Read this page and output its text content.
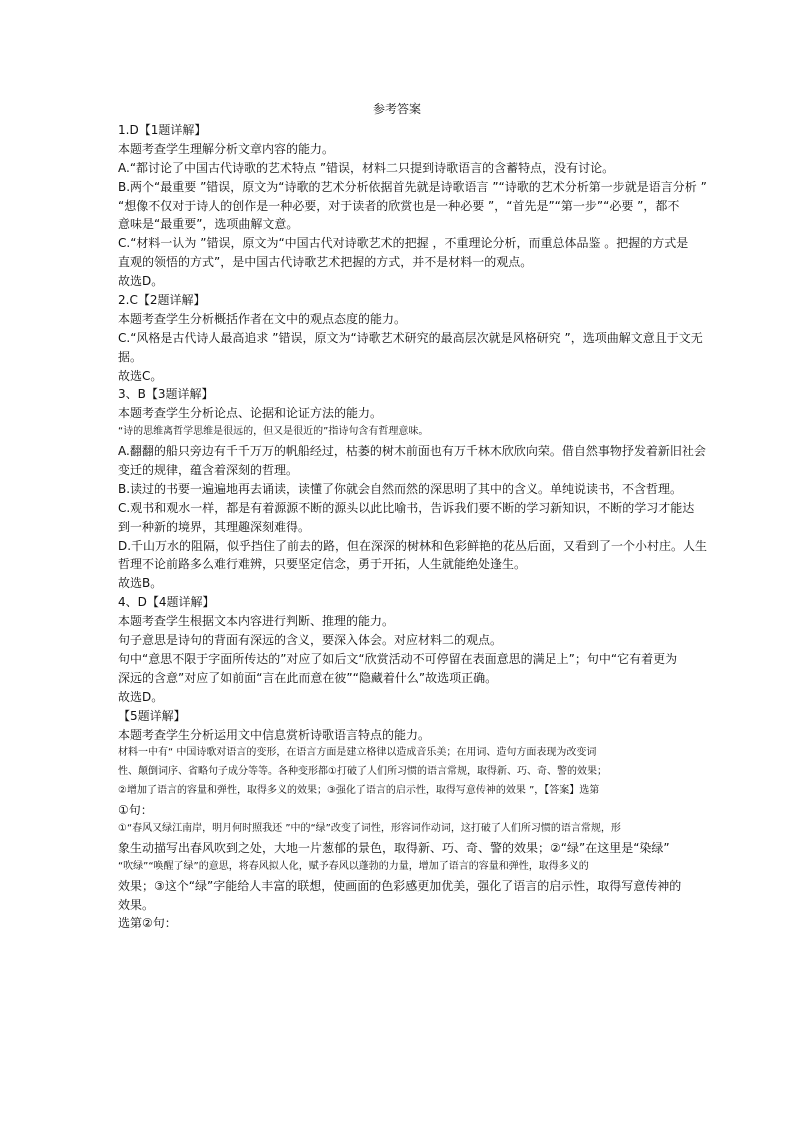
参考答案
1.D【1题详解】
本题考查学生理解分析文章内容的能力。
A.“都讨论了中国古代诗歌的艺术特点 ”错误，材料二只提到诗歌语言的含蓄特点，没有讨论。
B.两个“最重要 ”错误，原文为“诗歌的艺术分析依据首先就是诗歌语言 ”“诗歌的艺术分析第一步就是语言分析 ”
“想像不仅对于诗人的创作是一种必要，对于读者的欣赏也是一种必要 ”，“首先是”“第一步”“必要 ”，都不
意味是“最重要”，选项曲解文意。
C.“材料一认为 ”错误，原文为“中国古代对诗歌艺术的把握 ，不重理论分析，而重总体品鉴 。把握的方式是
直观的领悟的方式”，是中国古代诗歌艺术把握的方式，并不是材料一的观点。
故选D。
2.C【2题详解】
本题考查学生分析概括作者在文中的观点态度的能力。
C.“风格是古代诗人最高追求 ”错误，原文为“诗歌艺术研究的最高层次就是风格研究 ”，选项曲解文意且于文无
据。
故选C。
3、B【3题详解】
本题考查学生分析论点、论据和论证方法的能力。
“诗的思维离哲学思维是很远的，但又是很近的”指诗句含有哲理意味。
A.翻翻的船只旁边有千千万万的帆船经过，枯萎的树木前面也有万千林木欣欣向荣。借自然事物抒发着新旧社会
变迁的规律，蕴含着深刻的哲理。
B.读过的书要一遍遍地再去诵读，读懂了你就会自然而然的深思明了其中的含义。单纯说读书，不含哲理。
C.观书和观水一样，都是有着源源不断的源头以此比喻书，告诉我们要不断的学习新知识，不断的学习才能达
到一种新的境界，其理趣深刻难得。
D.千山万水的阻隔，似乎挡住了前去的路，但在深深的树林和色彩鲜艳的花丛后面，又看到了一个小村庄。人生
哲理不论前路多么难行难辨，只要坚定信念，勇于开拓，人生就能绝处逢生。
故选B。
4、D【4题详解】
本题考查学生根据文本内容进行判断、推理的能力。
句子意思是诗句的背面有深远的含义，要深入体会。对应材料二的观点。
句中“意思不限于字面所传达的”对应了如后文“欣赏活动不可停留在表面意思的满足上”；句中“它有着更为
深远的含意”对应了如前面“言在此而意在彼”“隐藏着什么”故选项正确。
故选D。
【5题详解】
本题考查学生分析运用文中信息赏析诗歌语言特点的能力。
材料一中有“ 中国诗歌对语言的变形，在语言方面是建立格律以造成音乐美；在用词、造句方面表现为改变词
性、颠倒词序、省略句子成分等等。各种变形都①打破了人们所习惯的语言常规，取得新、巧、奇、警的效果；
②增加了语言的容量和弹性，取得多义的效果；③强化了语言的启示性，取得写意传神的效果 ”，【答案】选第
①句：
①“春风又绿江南岸，明月何时照我还 ”中的“绿”改变了词性，形容词作动词，这打破了人们所习惯的语言常规，形
象生动描写出春风吹到之处，大地一片葱郁的景色，取得新、巧、奇、警的效果；②“绿”在这里是“染绿”
“吹绿”“唤醒了绿”的意思，将春风拟人化，赋予春风以蓬勃的力量，增加了语言的容量和弹性，取得多义的
效果；③这个“绿”字能给人丰富的联想，使画面的色彩感更加优美，强化了语言的启示性，取得写意传神的
效果。
选第②句：
